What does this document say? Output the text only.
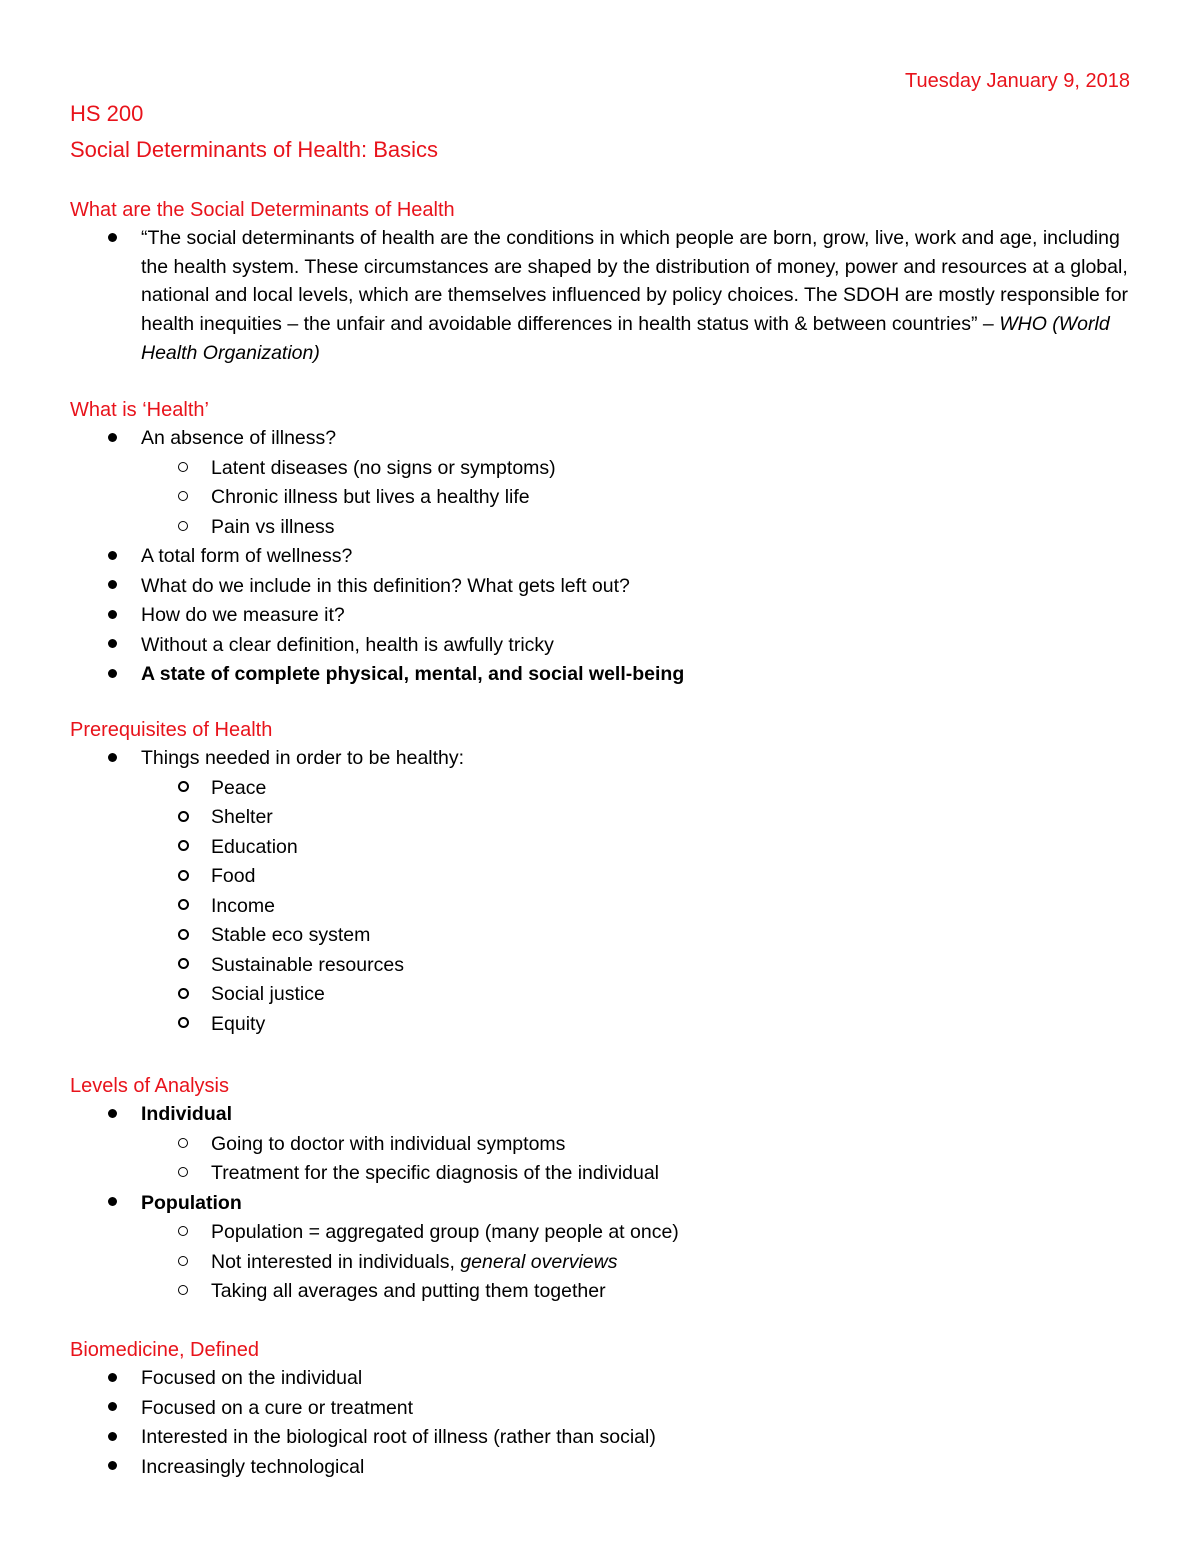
Tuesday January 9, 2018
HS 200
Social Determinants of Health: Basics
What are the Social Determinants of Health
“The social determinants of health are the conditions in which people are born, grow, live, work and age, including the health system. These circumstances are shaped by the distribution of money, power and resources at a global, national and local levels, which are themselves influenced by policy choices. The SDOH are mostly responsible for health inequities – the unfair and avoidable differences in health status with & between countries” – WHO (World Health Organization)
What is ‘Health’
An absence of illness?
Latent diseases (no signs or symptoms)
Chronic illness but lives a healthy life
Pain vs illness
A total form of wellness?
What do we include in this definition? What gets left out?
How do we measure it?
Without a clear definition, health is awfully tricky
A state of complete physical, mental, and social well-being
Prerequisites of Health
Things needed in order to be healthy:
Peace
Shelter
Education
Food
Income
Stable eco system
Sustainable resources
Social justice
Equity
Levels of Analysis
Individual
Going to doctor with individual symptoms
Treatment for the specific diagnosis of the individual
Population
Population = aggregated group (many people at once)
Not interested in individuals, general overviews
Taking all averages and putting them together
Biomedicine, Defined
Focused on the individual
Focused on a cure or treatment
Interested in the biological root of illness (rather than social)
Increasingly technological
